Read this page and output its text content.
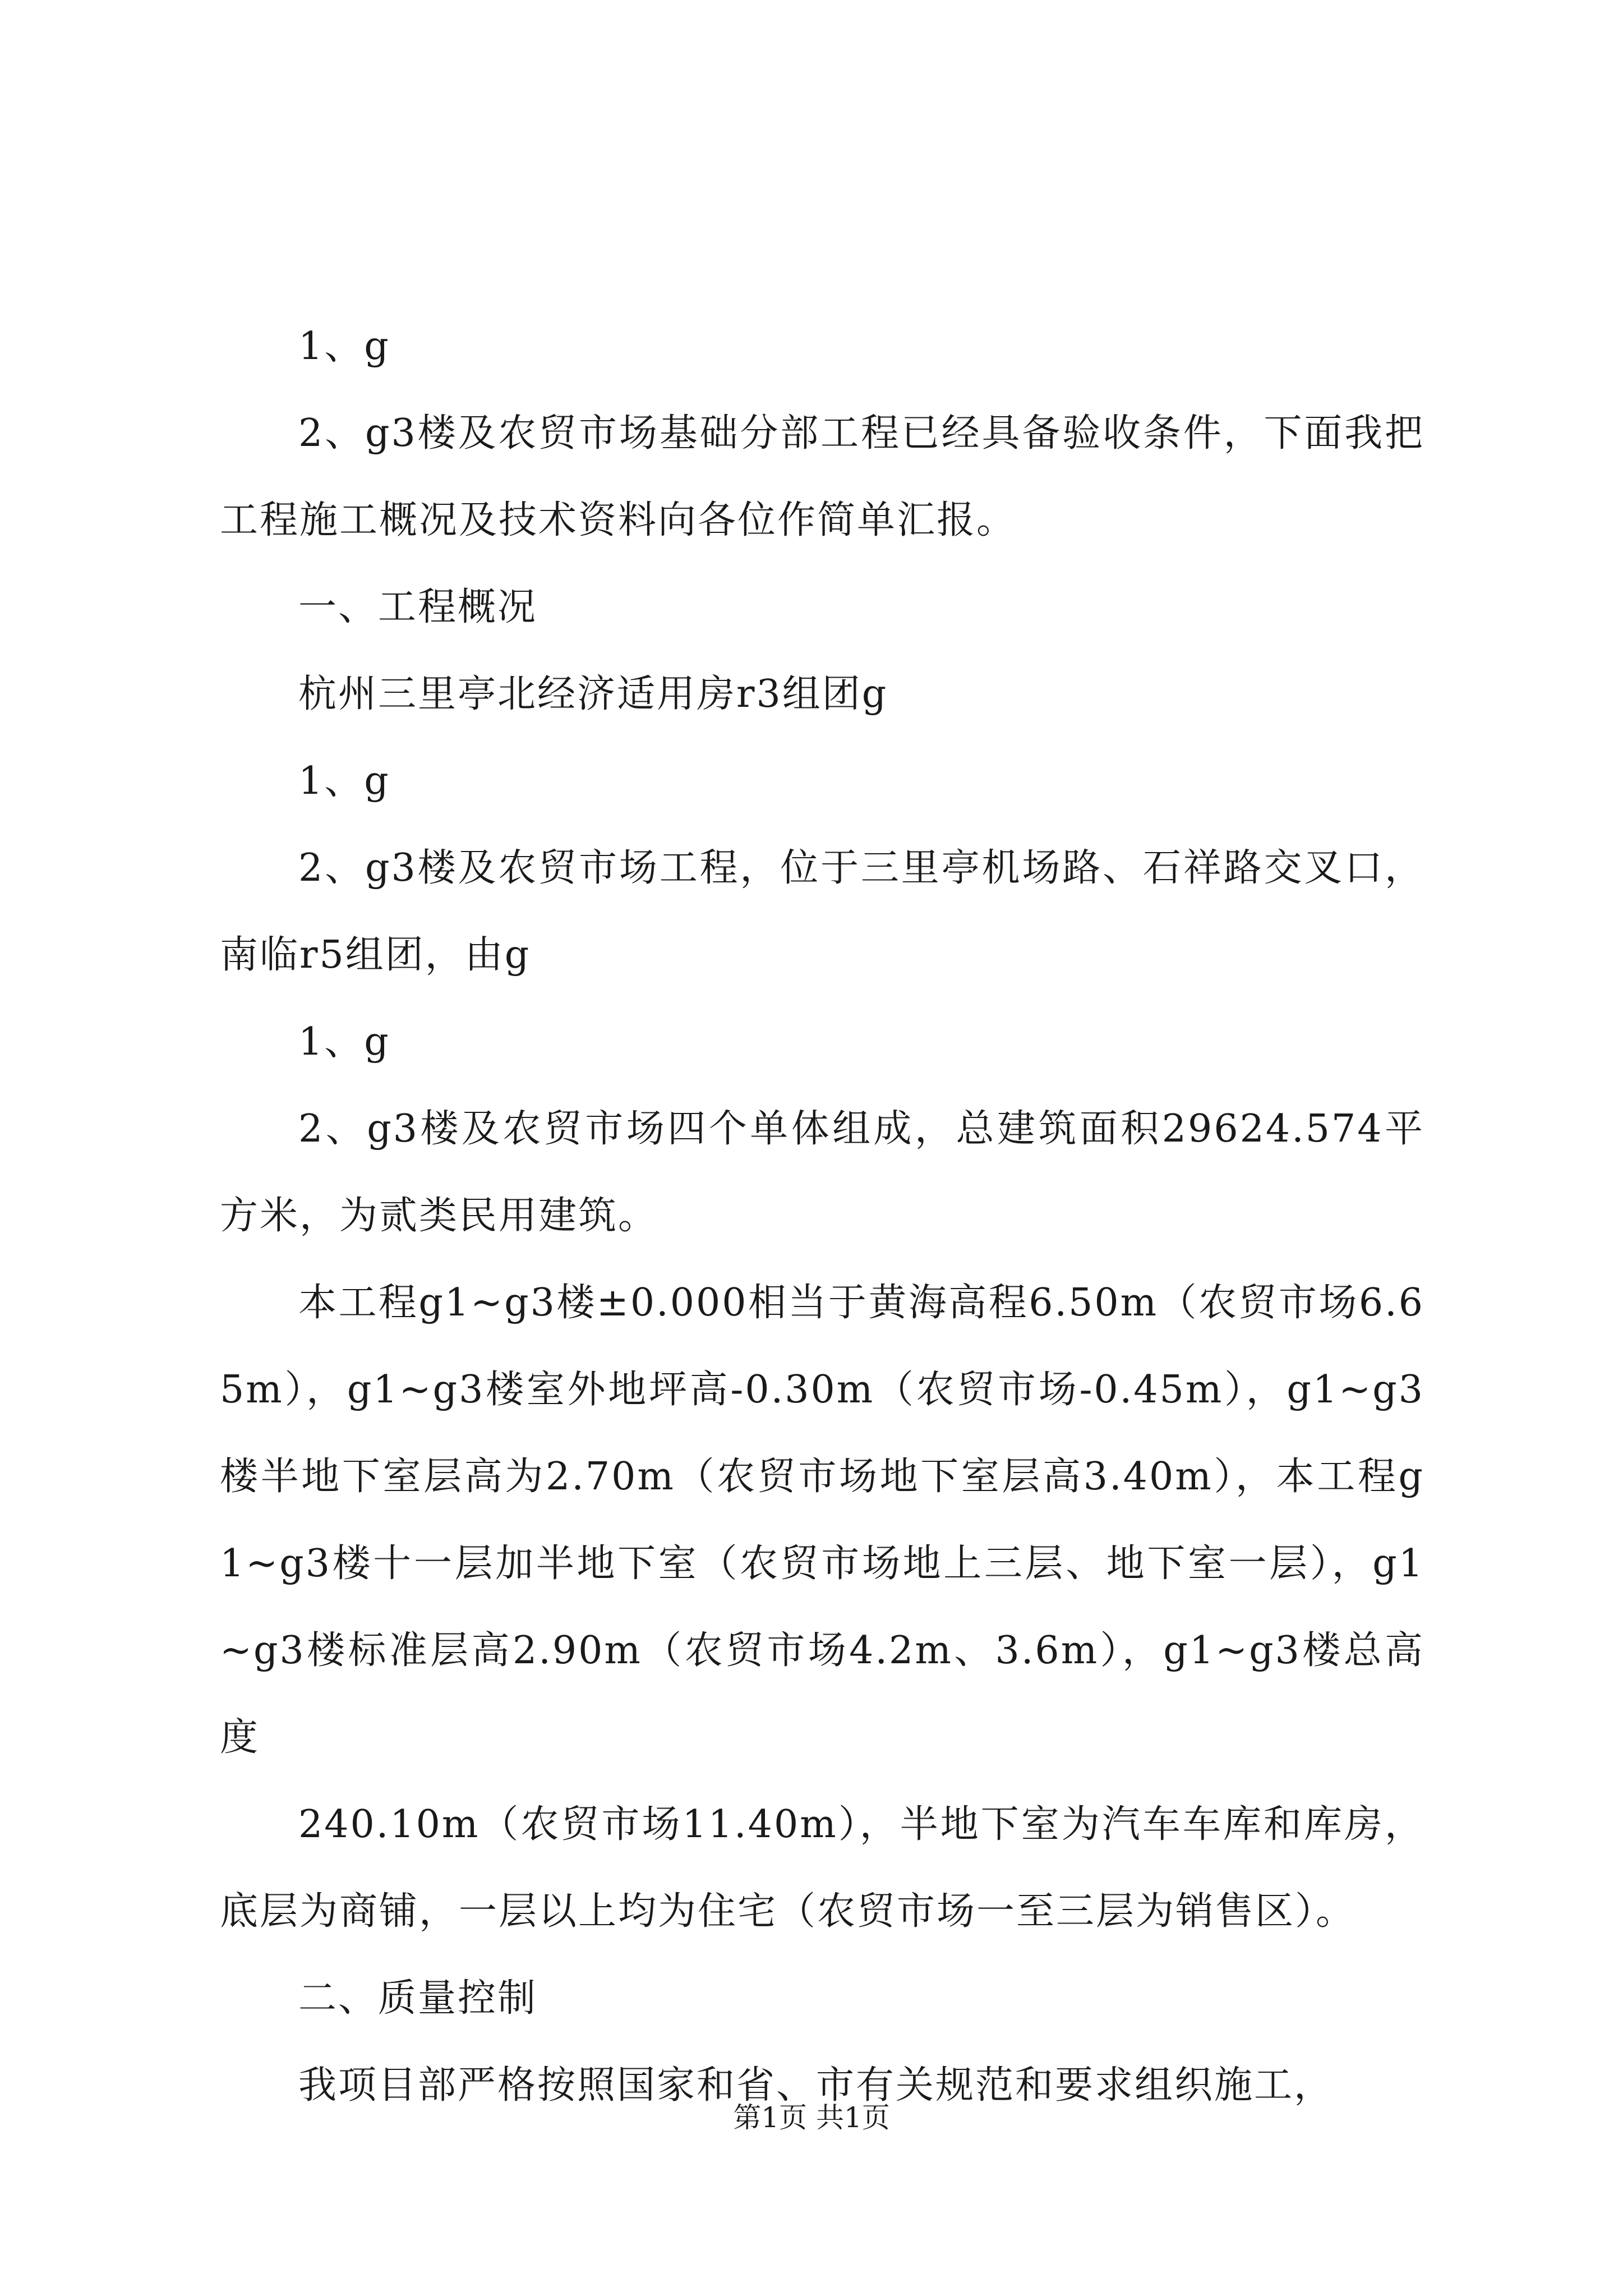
1、g

2、g3楼及农贸市场基础分部工程已经具备验收条件，下面我把工程施工概况及技术资料向各位作简单汇报。

一、工程概况

杭州三里亭北经济适用房r3组团g

1、g

2、g3楼及农贸市场工程，位于三里亭机场路、石祥路交叉口，南临r5组团，由g

1、g

2、g3楼及农贸市场四个单体组成，总建筑面积29624.574平方米，为贰类民用建筑。

本工程g1~g3楼±0.000相当于黄海高程6.50m（农贸市场6.65m），g1~g3楼室外地坪高-0.30m（农贸市场-0.45m），g1~g3楼半地下室层高为2.70m（农贸市场地下室层高3.40m），本工程g1~g3楼十一层加半地下室（农贸市场地上三层、地下室一层），g1~g3楼标准层高2.90m（农贸市场4.2m、3.6m），g1~g3楼总高度

240.10m（农贸市场11.40m），半地下室为汽车车库和库房，底层为商铺，一层以上均为住宅（农贸市场一至三层为销售区）。

二、质量控制

我项目部严格按照国家和省、市有关规范和要求组织施工，

第1页 共1页
